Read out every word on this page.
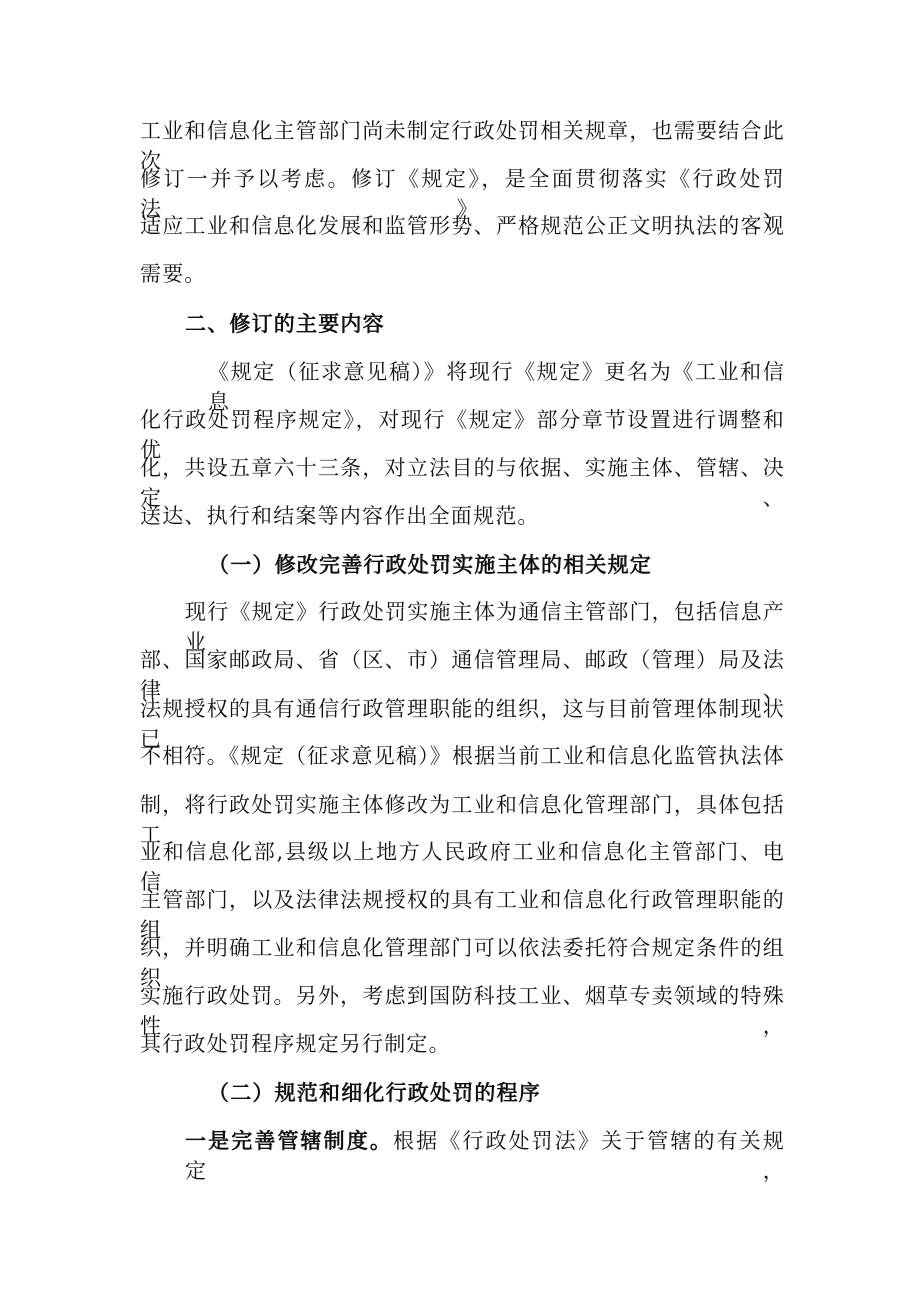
工业和信息化主管部门尚未制定行政处罚相关规章，也需要结合此次
修订一并予以考虑。修订《规定》，是全面贯彻落实《行政处罚法》、
适应工业和信息化发展和监管形势、严格规范公正文明执法的客观
需要。
二、修订的主要内容
《规定（征求意见稿）》将现行《规定》更名为《工业和信息
化行政处罚程序规定》，对现行《规定》部分章节设置进行调整和优
化，共设五章六十三条，对立法目的与依据、实施主体、管辖、决定、
送达、执行和结案等内容作出全面规范。
（一）修改完善行政处罚实施主体的相关规定
现行《规定》行政处罚实施主体为通信主管部门，包括信息产业
部、国家邮政局、省（区、市）通信管理局、邮政（管理）局及法律、
法规授权的具有通信行政管理职能的组织，这与目前管理体制现状已
不相符。《规定（征求意见稿）》根据当前工业和信息化监管执法体
制，将行政处罚实施主体修改为工业和信息化管理部门，具体包括工
业和信息化部,县级以上地方人民政府工业和信息化主管部门、电信
主管部门，以及法律法规授权的具有工业和信息化行政管理职能的组
织，并明确工业和信息化管理部门可以依法委托符合规定条件的组织
实施行政处罚。另外，考虑到国防科技工业、烟草专卖领域的特殊性，
其行政处罚程序规定另行制定。
（二）规范和细化行政处罚的程序
一是完善管辖制度。根据《行政处罚法》关于管辖的有关规定，
